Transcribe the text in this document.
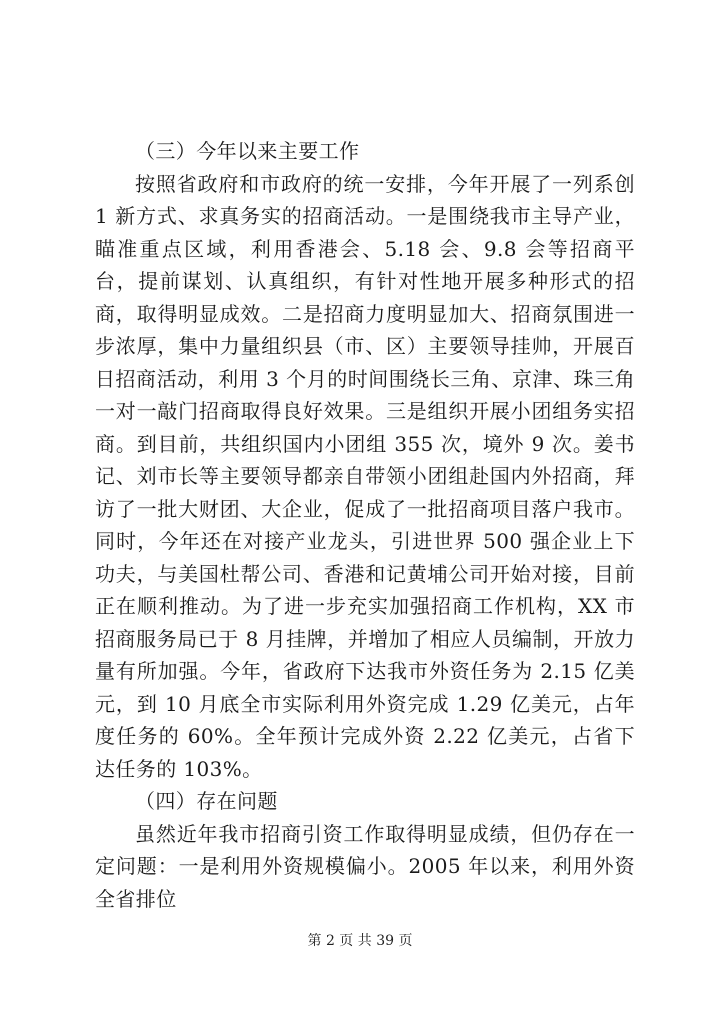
（三）今年以来主要工作

按照省政府和市政府的统一安排，今年开展了一列系创 1 新方式、求真务实的招商活动。一是围绕我市主导产业，瞄准重点区域，利用香港会、5.18 会、9.8 会等招商平台，提前谋划、认真组织，有针对性地开展多种形式的招商，取得明显成效。二是招商力度明显加大、招商氛围进一步浓厚，集中力量组织县（市、区）主要领导挂帅，开展百日招商活动，利用 3 个月的时间围绕长三角、京津、珠三角一对一敲门招商取得良好效果。三是组织开展小团组务实招商。到目前，共组织国内小团组 355 次，境外 9 次。姜书记、刘市长等主要领导都亲自带领小团组赴国内外招商，拜访了一批大财团、大企业，促成了一批招商项目落户我市。同时，今年还在对接产业龙头，引进世界 500 强企业上下功夫，与美国杜帮公司、香港和记黄埔公司开始对接，目前正在顺利推动。为了进一步充实加强招商工作机构，XX 市招商服务局已于 8 月挂牌，并增加了相应人员编制，开放力量有所加强。今年，省政府下达我市外资任务为 2.15 亿美元，到 10 月底全市实际利用外资完成 1.29 亿美元，占年度任务的 60%。全年预计完成外资 2.22 亿美元，占省下达任务的 103%。

（四）存在问题

虽然近年我市招商引资工作取得明显成绩，但仍存在一定问题：一是利用外资规模偏小。2005 年以来，利用外资全省排位

第 2 页 共 39 页
